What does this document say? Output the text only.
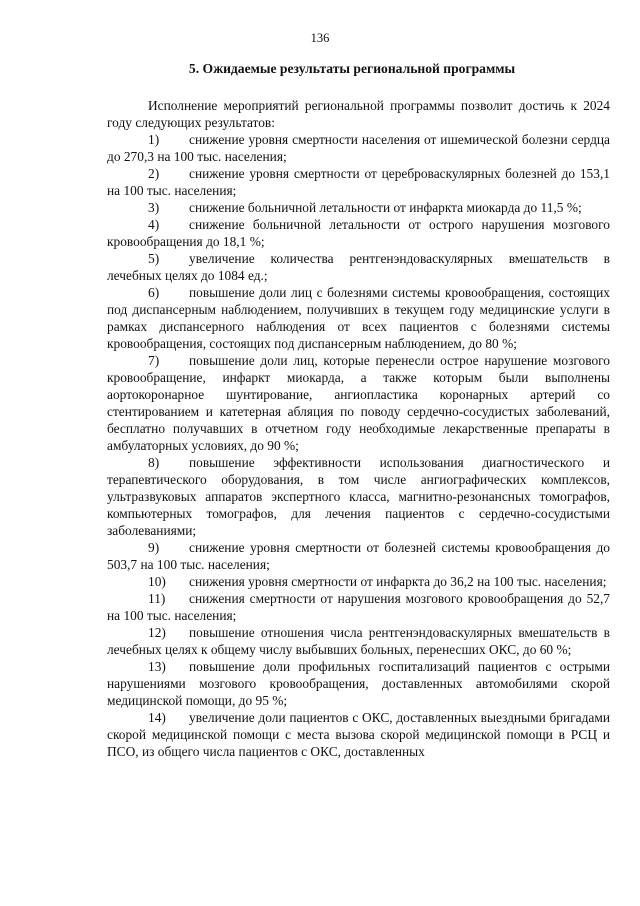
136
5. Ожидаемые результаты региональной программы

Исполнение мероприятий региональной программы позволит достичь к 2024 году следующих результатов:

1) снижение уровня смертности населения от ишемической болезни сердца до 270,3 на 100 тыс. населения;

2) снижение уровня смертности от цереброваскулярных болезней до 153,1 на 100 тыс. населения;

3) снижение больничной летальности от инфаркта миокарда до 11,5 %;

4) снижение больничной летальности от острого нарушения мозгового кровообращения до 18,1 %;

5) увеличение количества рентгенэндоваскулярных вмешательств в лечебных целях до 1084 ед.;

6) повышение доли лиц с болезнями системы кровообращения, состоящих под диспансерным наблюдением, получивших в текущем году медицинские услуги в рамках диспансерного наблюдения от всех пациентов с болезнями системы кровообращения, состоящих под диспансерным наблюдением, до 80 %;

7) повышение доли лиц, которые перенесли острое нарушение мозгового кровообращение, инфаркт миокарда, а также которым были выполнены аортокоронарное шунтирование, ангиопластика коронарных артерий со стентированием и катетерная абляция по поводу сердечно-сосудистых заболеваний, бесплатно получавших в отчетном году необходимые лекарственные препараты в амбулаторных условиях, до 90 %;

8) повышение эффективности использования диагностического и терапевтического оборудования, в том числе ангиографических комплексов, ультразвуковых аппаратов экспертного класса, магнитно-резонансных томографов, компьютерных томографов, для лечения пациентов с сердечно-сосудистыми заболеваниями;

9) снижение уровня смертности от болезней системы кровообращения до 503,7 на 100 тыс. населения;

10) снижения уровня смертности от инфаркта до 36,2 на 100 тыс. населения;

11) снижения смертности от нарушения мозгового кровообращения до 52,7 на 100 тыс. населения;

12) повышение отношения числа рентгенэндоваскулярных вмешательств в лечебных целях к общему числу выбывших больных, перенесших ОКС, до 60 %;

13) повышение доли профильных госпитализаций пациентов с острыми нарушениями мозгового кровообращения, доставленных автомобилями скорой медицинской помощи, до 95 %;

14) увеличение доли пациентов с ОКС, доставленных выездными бригадами скорой медицинской помощи с места вызова скорой медицинской помощи в РСЦ и ПСО, из общего числа пациентов с ОКС, доставленных
